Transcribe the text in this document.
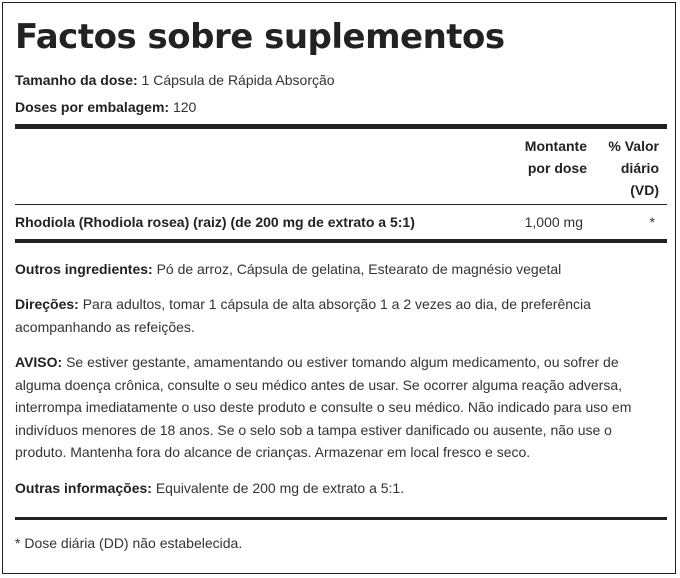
Factos sobre suplementos
Tamanho da dose: 1 Cápsula de Rápida Absorção
Doses por embalagem: 120
Montante
por dose
% Valor
diário
(VD)
Rhodiola (Rhodiola rosea) (raiz) (de 200 mg de extrato a 5:1)	1,000 mg	*
Outros ingredientes: Pó de arroz, Cápsula de gelatina, Estearato de magnésio vegetal
Direções: Para adultos, tomar 1 cápsula de alta absorção 1 a 2 vezes ao dia, de preferência acompanhando as refeições.
AVISO: Se estiver gestante, amamentando ou estiver tomando algum medicamento, ou sofrer de alguma doença crônica, consulte o seu médico antes de usar. Se ocorrer alguma reação adversa, interrompa imediatamente o uso deste produto e consulte o seu médico. Não indicado para uso em indivíduos menores de 18 anos. Se o selo sob a tampa estiver danificado ou ausente, não use o produto. Mantenha fora do alcance de crianças. Armazenar em local fresco e seco.
Outras informações: Equivalente de 200 mg de extrato a 5:1.
* Dose diária (DD) não estabelecida.
